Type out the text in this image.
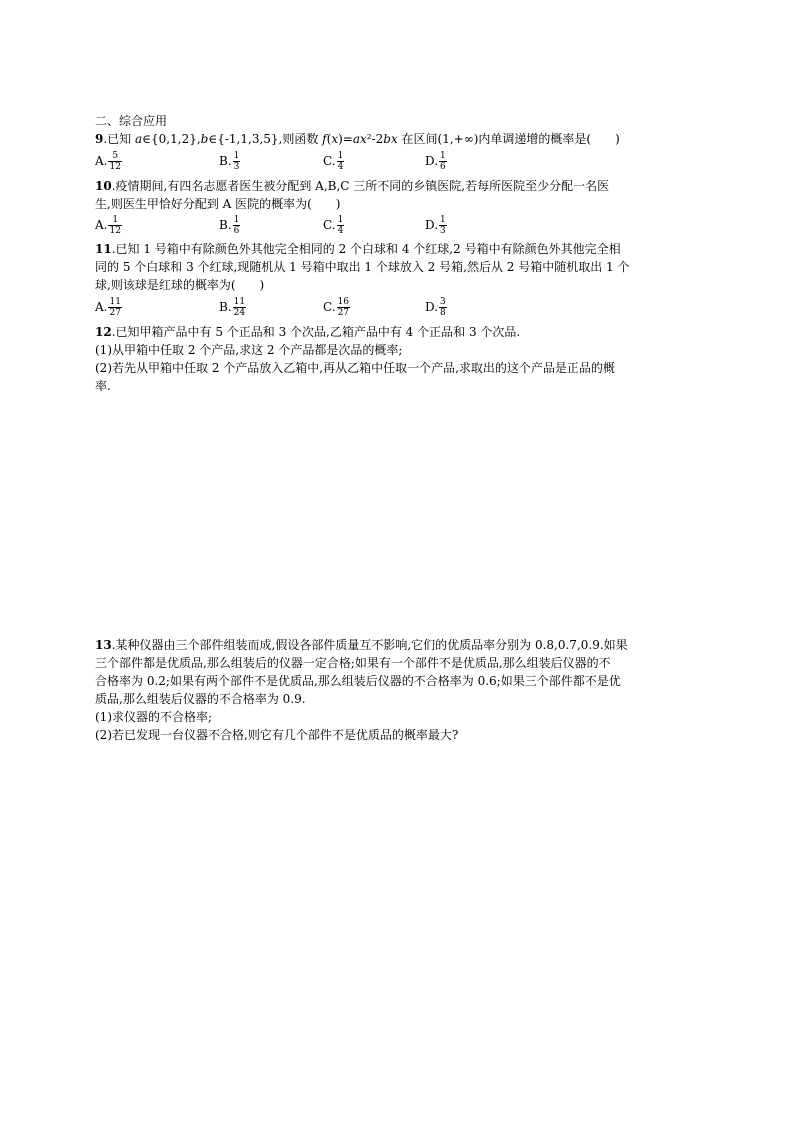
二、综合应用
9.已知 a∈{0,1,2},b∈{-1,1,3,5},则函数 f(x)=ax²-2bx 在区间(1,+∞)内单调递增的概率是(　　)
A. $\frac{5}{12}$	B. $\frac{1}{3}$	C. $\frac{1}{4}$	D. $\frac{1}{6}$
10.疫情期间,有四名志愿者医生被分配到 A,B,C 三所不同的乡镇医院,若每所医院至少分配一名医
生,则医生甲恰好分配到 A 医院的概率为(　　)
A. $\frac{1}{12}$	B. $\frac{1}{6}$	C. $\frac{1}{4}$	D. $\frac{1}{3}$
11.已知 1 号箱中有除颜色外其他完全相同的 2 个白球和 4 个红球,2 号箱中有除颜色外其他完全相
同的 5 个白球和 3 个红球,现随机从 1 号箱中取出 1 个球放入 2 号箱,然后从 2 号箱中随机取出 1 个
球,则该球是红球的概率为(　　)
A. $\frac{11}{27}$	B. $\frac{11}{24}$	C. $\frac{16}{27}$	D. $\frac{3}{8}$
12.已知甲箱产品中有 5 个正品和 3 个次品,乙箱产品中有 4 个正品和 3 个次品.
(1)从甲箱中任取 2 个产品,求这 2 个产品都是次品的概率;
(2)若先从甲箱中任取 2 个产品放入乙箱中,再从乙箱中任取一个产品,求取出的这个产品是正品的概
率.
13.某种仪器由三个部件组装而成,假设各部件质量互不影响,它们的优质品率分别为 0.8,0.7,0.9.如果
三个部件都是优质品,那么组装后的仪器一定合格;如果有一个部件不是优质品,那么组装后仪器的不
合格率为 0.2;如果有两个部件不是优质品,那么组装后仪器的不合格率为 0.6;如果三个部件都不是优
质品,那么组装后仪器的不合格率为 0.9.
(1)求仪器的不合格率;
(2)若已发现一台仪器不合格,则它有几个部件不是优质品的概率最大?
